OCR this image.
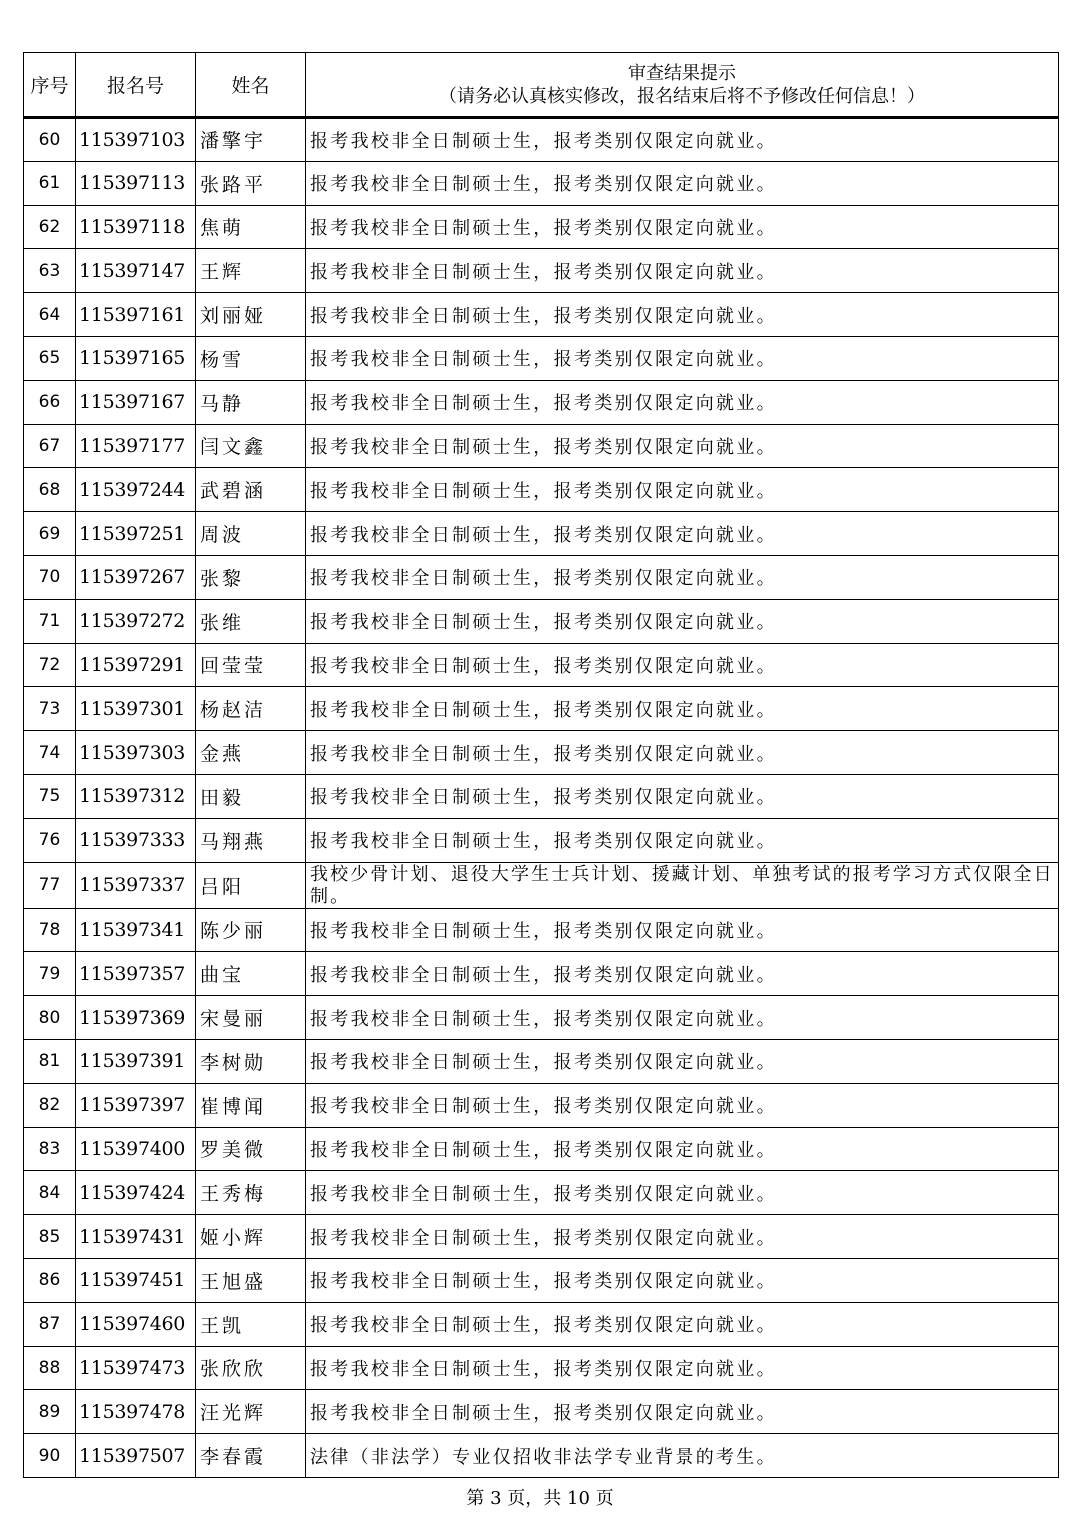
序号	报名号	姓名	审查结果提示
（请务必认真核实修改，报名结束后将不予修改任何信息！）

60	115397103	潘擎宇	报考我校非全日制硕士生，报考类别仅限定向就业。
61	115397113	张路平	报考我校非全日制硕士生，报考类别仅限定向就业。
62	115397118	焦萌	报考我校非全日制硕士生，报考类别仅限定向就业。
63	115397147	王辉	报考我校非全日制硕士生，报考类别仅限定向就业。
64	115397161	刘丽娅	报考我校非全日制硕士生，报考类别仅限定向就业。
65	115397165	杨雪	报考我校非全日制硕士生，报考类别仅限定向就业。
66	115397167	马静	报考我校非全日制硕士生，报考类别仅限定向就业。
67	115397177	闫文鑫	报考我校非全日制硕士生，报考类别仅限定向就业。
68	115397244	武碧涵	报考我校非全日制硕士生，报考类别仅限定向就业。
69	115397251	周波	报考我校非全日制硕士生，报考类别仅限定向就业。
70	115397267	张黎	报考我校非全日制硕士生，报考类别仅限定向就业。
71	115397272	张维	报考我校非全日制硕士生，报考类别仅限定向就业。
72	115397291	回莹莹	报考我校非全日制硕士生，报考类别仅限定向就业。
73	115397301	杨赵洁	报考我校非全日制硕士生，报考类别仅限定向就业。
74	115397303	金燕	报考我校非全日制硕士生，报考类别仅限定向就业。
75	115397312	田毅	报考我校非全日制硕士生，报考类别仅限定向就业。
76	115397333	马翔燕	报考我校非全日制硕士生，报考类别仅限定向就业。
77	115397337	吕阳	我校少骨计划、退役大学生士兵计划、援藏计划、单独考试的报考学习方式仅限全日制。
78	115397341	陈少丽	报考我校非全日制硕士生，报考类别仅限定向就业。
79	115397357	曲宝	报考我校非全日制硕士生，报考类别仅限定向就业。
80	115397369	宋曼丽	报考我校非全日制硕士生，报考类别仅限定向就业。
81	115397391	李树勋	报考我校非全日制硕士生，报考类别仅限定向就业。
82	115397397	崔博闻	报考我校非全日制硕士生，报考类别仅限定向就业。
83	115397400	罗美微	报考我校非全日制硕士生，报考类别仅限定向就业。
84	115397424	王秀梅	报考我校非全日制硕士生，报考类别仅限定向就业。
85	115397431	姬小辉	报考我校非全日制硕士生，报考类别仅限定向就业。
86	115397451	王旭盛	报考我校非全日制硕士生，报考类别仅限定向就业。
87	115397460	王凯	报考我校非全日制硕士生，报考类别仅限定向就业。
88	115397473	张欣欣	报考我校非全日制硕士生，报考类别仅限定向就业。
89	115397478	汪光辉	报考我校非全日制硕士生，报考类别仅限定向就业。
90	115397507	李春霞	法律（非法学）专业仅招收非法学专业背景的考生。
第 3 页，共 10 页
